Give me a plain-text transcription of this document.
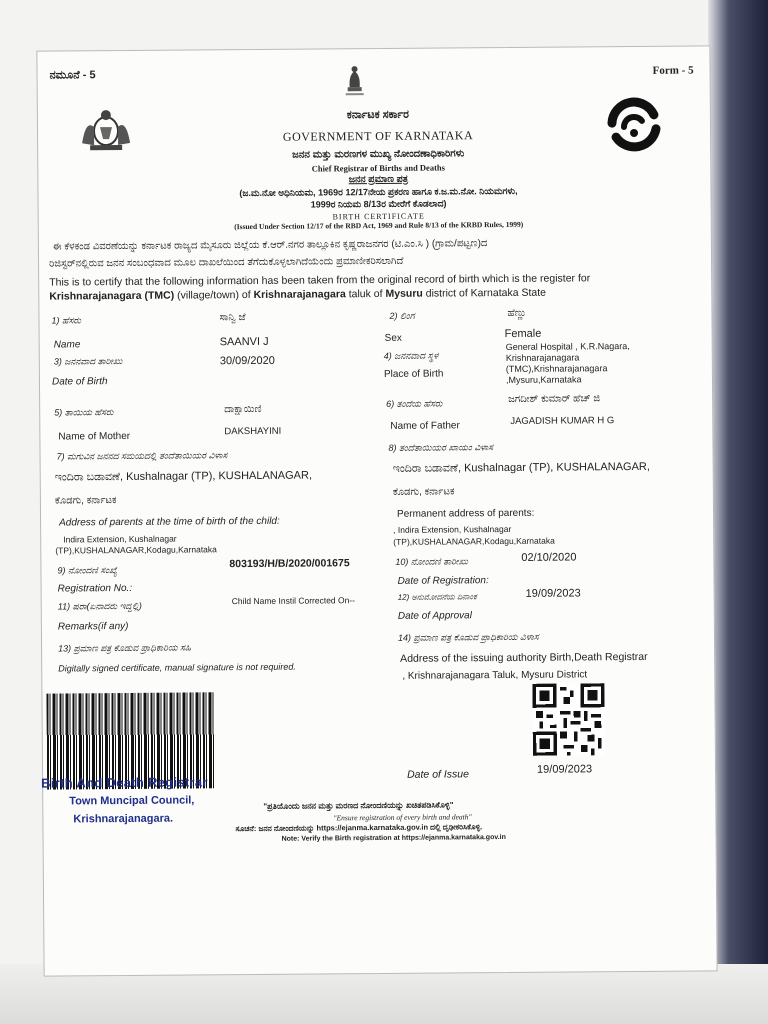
ನಮೂನೆ - 5	Form - 5
ಕರ್ನಾಟಕ ಸರ್ಕಾರ
GOVERNMENT OF KARNATAKA
ಜನನ ಮತ್ತು ಮರಣಗಳ ಮುಖ್ಯ ನೋಂದಣಾಧಿಕಾರಿಗಳು
Chief Registrar of Births and Deaths
ಜನನ ಪ್ರಮಾಣ ಪತ್ರ
(ಜ.ಮ.ನೋ ಅಧಿನಿಯಮ, 1969ರ 12/17ನೇಯ ಪ್ರಕರಣ ಹಾಗೂ ಕ.ಜ.ಮ.ನೋ. ನಿಯಮಗಳು,
1999ರ ನಿಯಮ 8/13ರ ಮೇರೆಗೆ ಕೊಡಲಾದ)
BIRTH CERTIFICATE
(Issued Under Section 12/17 of the RBD Act, 1969 and Rule 8/13 of the KRBD Rules, 1999)
ಈ ಕೆಳಕಂಡ ವಿವರಣೆಯನ್ನು ಕರ್ನಾಟಕ ರಾಜ್ಯದ ಮೈಸೂರು ಜಿಲ್ಲೆಯ ಕೆ.ಆರ್.ನಗರ ತಾಲ್ಲೂಕಿನ ಕೃಷ್ಣರಾಜನಗರ (ಟಿ.ಎಂ.ಸಿ ) (ಗ್ರಾಮ/ಪಟ್ಟಣ)ದ
ರಿಜಿಸ್ಟರ್‌ನಲ್ಲಿರುವ ಜನನ ಸಂಬಂಧವಾದ ಮೂಲ ದಾಖಲೆಯಿಂದ ತೆಗೆದುಕೊಳ್ಳಲಾಗಿದೆಯೆಂದು ಪ್ರಮಾಣೀಕರಿಸಲಾಗಿದೆ
This is to certify that the following information has been taken from the original record of birth which is the register for
Krishnarajanagara (TMC) (village/town) of Krishnarajanagara taluk of Mysuru district of Karnataka State
1) ಹೆಸರು	ಸಾನ್ವಿ ಜೆ	2) ಲಿಂಗ	ಹೆಣ್ಣು
Name	SAANVI J	Sex	Female
3) ಜನನವಾದ ತಾರೀಖು	30/09/2020
Date of Birth
4) ಜನನವಾದ ಸ್ಥಳ
Place of Birth
General Hospital , K.R.Nagara,
Krishnarajanagara
(TMC),Krishnarajanagara
,Mysuru,Karnataka
5) ತಾಯಿಯ ಹೆಸರು	ದಾಕ್ಷಾಯಿಣಿ
6) ತಂದೆಯ ಹೆಸರು	ಜಗದೀಶ್ ಕುಮಾರ್ ಹೆಚ್ ಜಿ
Name of Mother	DAKSHAYINI	Name of Father	JAGADISH KUMAR H G
7) ಮಗುವಿನ ಜನನದ ಸಮಯದಲ್ಲಿ ತಂದೆತಾಯಿಯರ ವಿಳಾಸ
8) ತಂದೆತಾಯಿಯರ ಖಾಯಂ ವಿಳಾಸ
ಇಂದಿರಾ ಬಡಾವಣೆ, Kushalnagar (TP), KUSHALANAGAR,
ಇಂದಿರಾ ಬಡಾವಣೆ, Kushalnagar (TP), KUSHALANAGAR,
ಕೊಡಗು, ಕರ್ನಾಟಕ
ಕೊಡಗು, ಕರ್ನಾಟಕ
Address of parents at the time of birth of the child:
Permanent address of parents:
Indira Extension, Kushalnagar
(TP),KUSHALANAGAR,Kodagu,Karnataka
, Indira Extension, Kushalnagar
(TP),KUSHALANAGAR,Kodagu,Karnataka
9) ನೋಂದಣಿ ಸಂಖ್ಯೆ
803193/H/B/2020/001675	10) ನೋಂದಣಿ ತಾರೀಖು	02/10/2020
Registration No.:
Date of Registration:
11) ಷರಾ(ಏನಾದರು ಇದ್ದಲ್ಲಿ)
Child Name Instil Corrected On--	12) ಅನುಮೋದನೆಯ ದಿನಾಂಕ	19/09/2023
Remarks(if any)
Date of Approval
13) ಪ್ರಮಾಣ ಪತ್ರ ಕೊಡುವ ಪ್ರಾಧಿಕಾರಿಯ ಸಹಿ
14) ಪ್ರಮಾಣ ಪತ್ರ ಕೊಡುವ ಪ್ರಾಧಿಕಾರಿಯ ವಿಳಾಸ
Digitally signed certificate, manual signature is not required.
Address of the issuing authority Birth,Death Registrar
, Krishnarajanagara Taluk, Mysuru District
Birth And Death Registrar
Town Muncipal Council,
Krishnarajanagara.
Date of Issue	19/09/2023
"ಪ್ರತಿಯೊಂದು ಜನನ ಮತ್ತು ಮರಣದ ನೋಂದಣಿಯನ್ನು ಖಚಿತಪಡಿಸಿಕೊಳ್ಳಿ"
"Ensure registration of every birth and death"
ಸೂಚನೆ: ಜನನ ನೋಂದಣಿಯನ್ನು https://ejanma.karnataka.gov.in ದಲ್ಲಿ ದೃಢೀಕರಿಸಿಕೊಳ್ಳಿ.
Note: Verify the Birth registration at https://ejanma.karnataka.gov.in
